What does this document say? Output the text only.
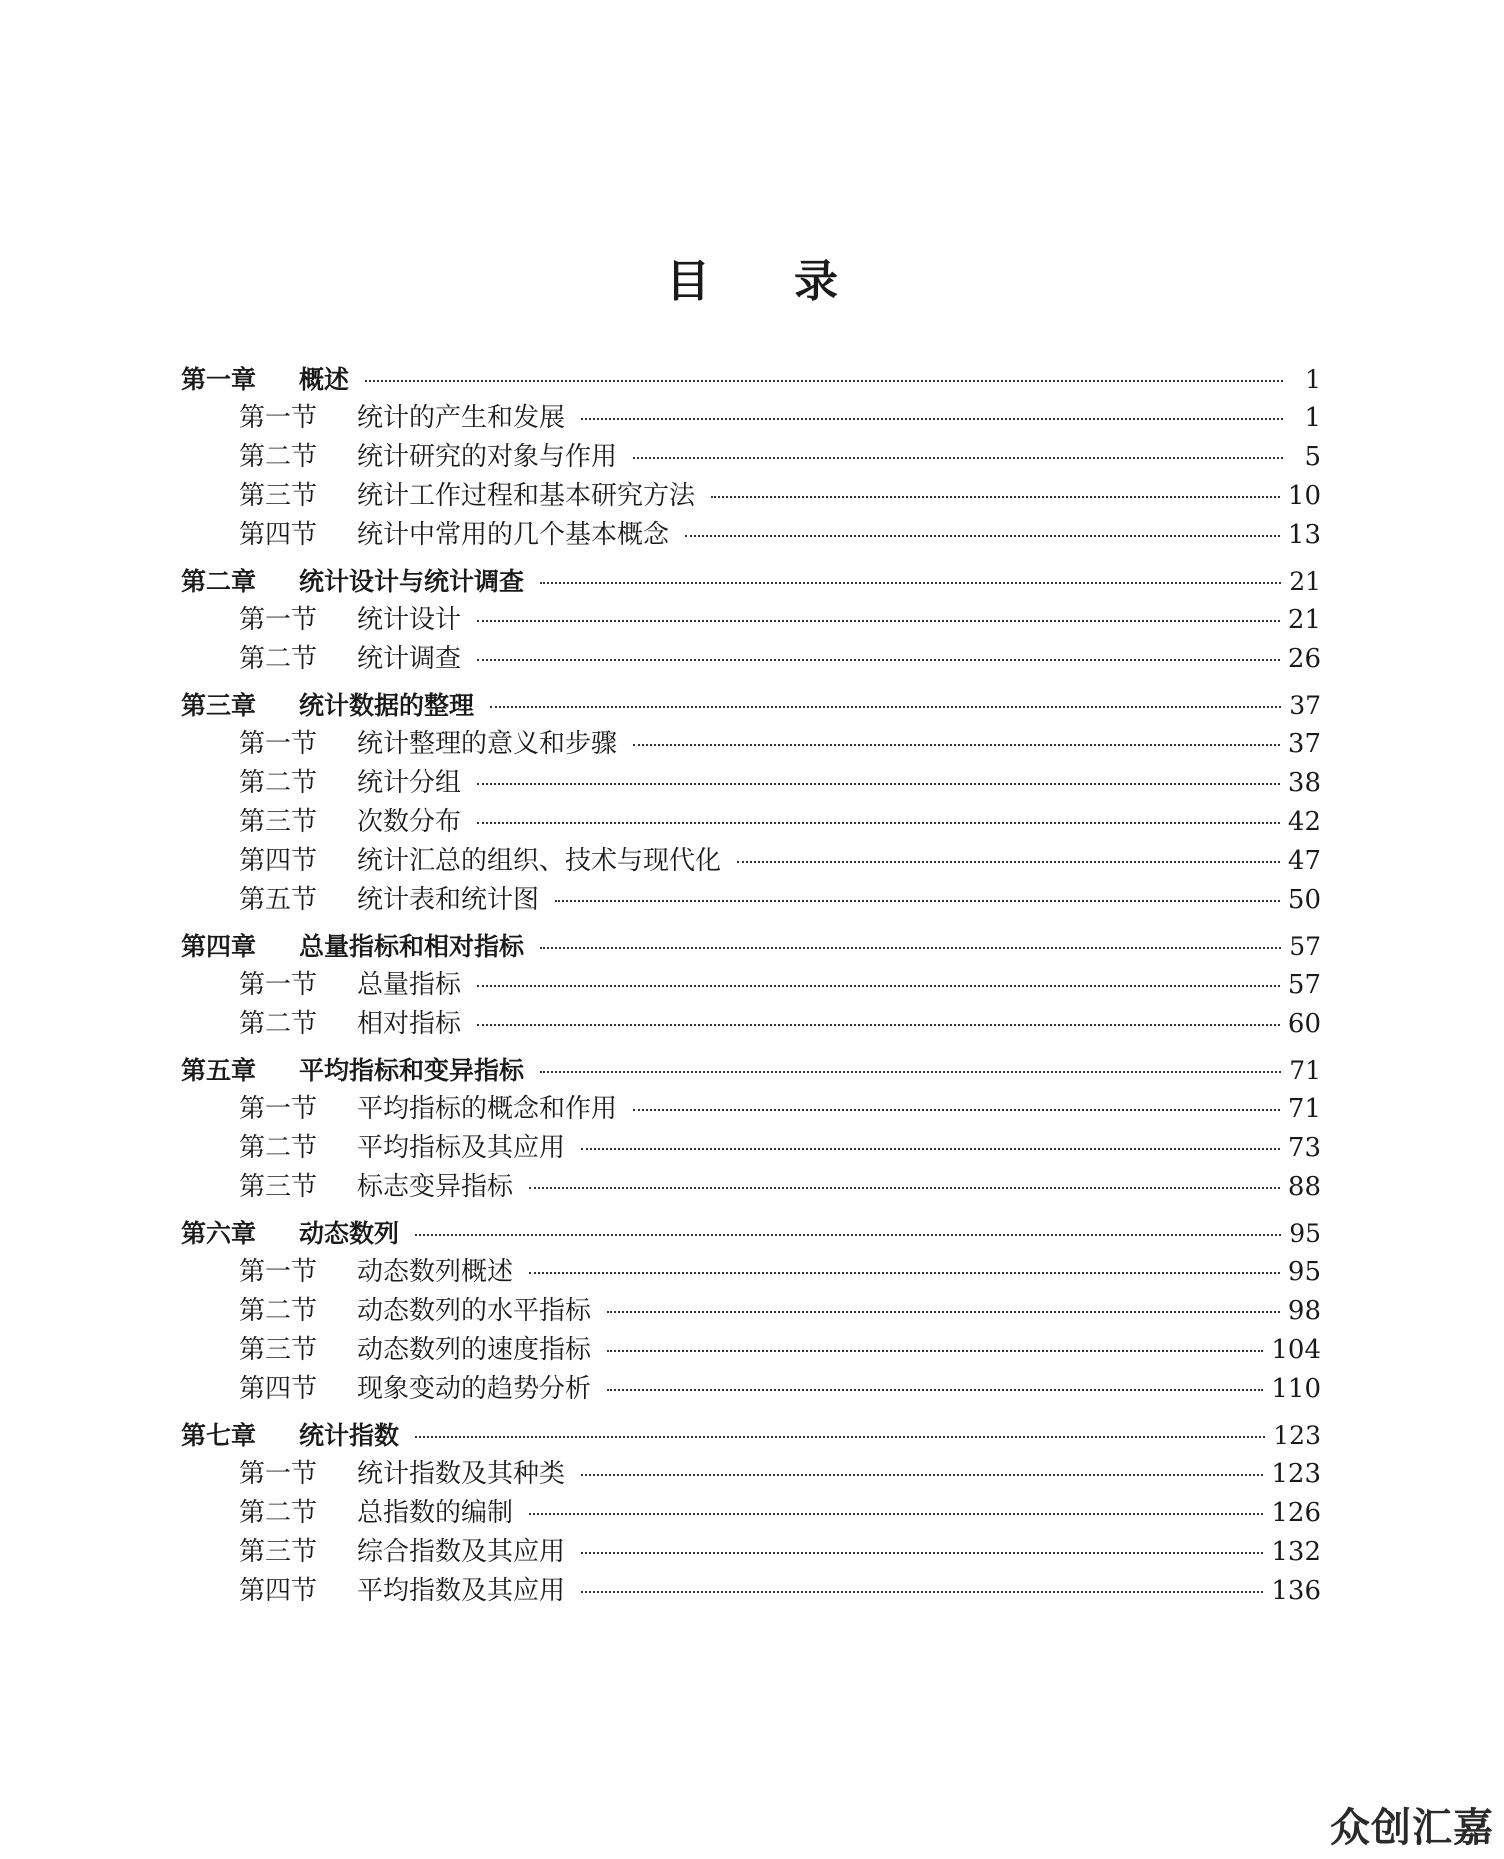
目 录
第一章	概述	1
第一节	统计的产生和发展	1
第二节	统计研究的对象与作用	5
第三节	统计工作过程和基本研究方法	10
第四节	统计中常用的几个基本概念	13
第二章	统计设计与统计调查	21
第一节	统计设计	21
第二节	统计调查	26
第三章	统计数据的整理	37
第一节	统计整理的意义和步骤	37
第二节	统计分组	38
第三节	次数分布	42
第四节	统计汇总的组织、技术与现代化	47
第五节	统计表和统计图	50
第四章	总量指标和相对指标	57
第一节	总量指标	57
第二节	相对指标	60
第五章	平均指标和变异指标	71
第一节	平均指标的概念和作用	71
第二节	平均指标及其应用	73
第三节	标志变异指标	88
第六章	动态数列	95
第一节	动态数列概述	95
第二节	动态数列的水平指标	98
第三节	动态数列的速度指标	104
第四节	现象变动的趋势分析	110
第七章	统计指数	123
第一节	统计指数及其种类	123
第二节	总指数的编制	126
第三节	综合指数及其应用	132
第四节	平均指数及其应用	136
众创汇嘉
